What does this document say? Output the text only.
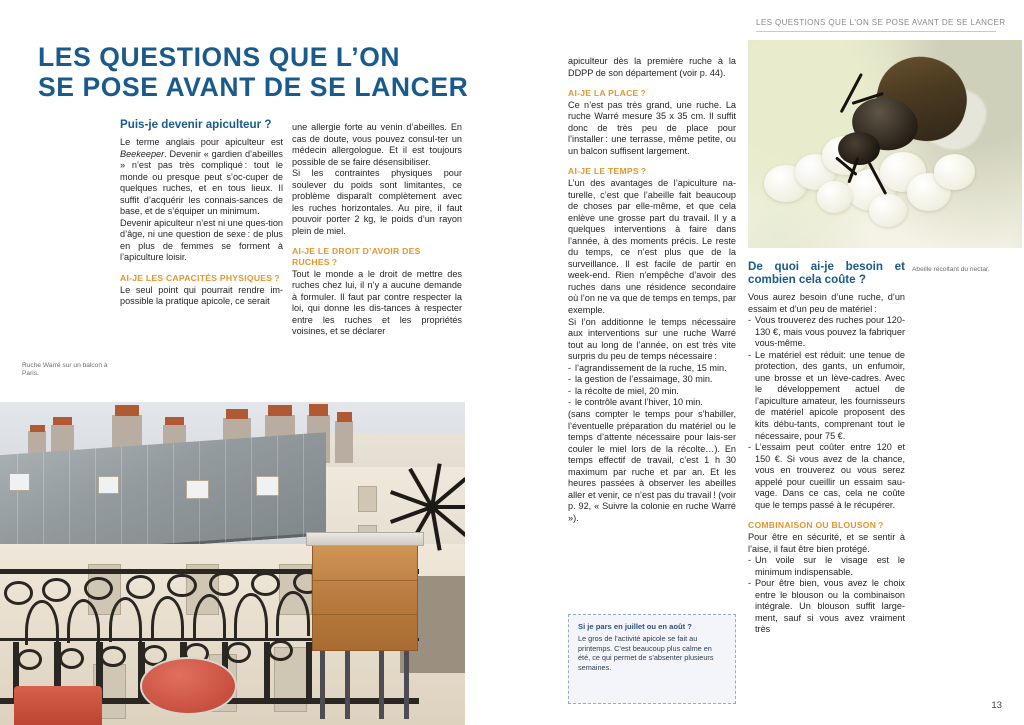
LES QUESTIONS QUE L'ON SE POSE AVANT DE SE LANCER
LES QUESTIONS QUE L’ON
SE POSE AVANT DE SE LANCER
Puis-je devenir apiculteur ?

Le terme anglais pour apiculteur est Beekeeper. Devenir « gardien d’abeilles » n’est pas très compliqué : tout le monde ou presque peut s’oc-cuper de quelques ruches, et en tous lieux. Il suffit d’acquérir les connais-sances de base, et de s’équiper un minimum.

Devenir apiculteur n’est ni une ques-tion d’âge, ni une question de sexe : de plus en plus de femmes se forment à l’apiculture loisir.

AI-JE LES CAPACITÉS PHYSIQUES ?

Le seul point qui pourrait rendre im-possible la pratique apicole, ce serait

une allergie forte au venin d’abeilles. En cas de doute, vous pouvez consul-ter un médecin allergologue. Et il est toujours possible de se faire désensibiliser.

Si les contraintes physiques pour soulever du poids sont limitantes, ce problème disparaît complètement avec les ruches horizontales. Au pire, il faut pouvoir porter 2 kg, le poids d’un rayon plein de miel.

AI-JE LE DROIT D’AVOIR DES RUCHES ?

Tout le monde a le droit de mettre des ruches chez lui, il n’y a aucune demande à formuler. Il faut par contre respecter la loi, qui donne les dis-tances à respecter entre les ruches et les propriétés voisines, et se déclarer

apiculteur dès la première ruche à la DDPP de son département (voir p. 44).

AI-JE LA PLACE ?

Ce n’est pas très grand, une ruche. La ruche Warré mesure 35 x 35 cm. Il suffit donc de très peu de place pour l’installer : une terrasse, même petite, ou un balcon suffisent largement.

AI-JE LE TEMPS ?

L’un des avantages de l’apiculture na-turelle, c’est que l’abeille fait beaucoup de choses par elle-même, et que cela enlève une grosse part du travail. Il y a quelques interventions à faire dans l’année, à des moments précis. Le reste du temps, ce n’est plus que de la surveillance. Il est facile de partir en week-end. Rien n’empêche d’avoir des ruches dans une résidence secondaire où l’on ne va que de temps en temps, par exemple.

Si l’on additionne le temps nécessaire aux interventions sur une ruche Warré tout au long de l’année, on est très vite surpris du peu de temps nécessaire :

- l’agrandissement de la ruche, 15 min.
- la gestion de l’essaimage, 30 min.
- la récolte de miel, 20 min.
- le contrôle avant l’hiver, 10 min.

(sans compter le temps pour s’habiller, l’éventuelle préparation du matériel ou le temps d’attente nécessaire pour lais-ser couler le miel lors de la récolte…). En temps effectif de travail, c’est 1 h 30 maximum par ruche et par an. Et les heures passées à observer les abeilles aller et venir, ce n’est pas du travail ! (voir p. 92, « Suivre la colonie en ruche Warré »).

De quoi ai-je besoin et combien cela coûte ?

Vous aurez besoin d’une ruche, d’un essaim et d’un peu de matériel :

- Vous trouverez des ruches pour 120-130 €, mais vous pouvez la fabriquer vous-même.
- Le matériel est réduit: une tenue de protection, des gants, un enfumoir, une brosse et un lève-cadres. Avec le développement actuel de l’apiculture amateur, les fournisseurs de matériel apicole proposent des kits débu-tants, comprenant tout le nécessaire, pour 75 €.
- L’essaim peut coûter entre 120 et 150 €. Si vous avez de la chance, vous en trouverez ou vous serez appelé pour cueillir un essaim sau-vage. Dans ce cas, cela ne coûte que le temps passé à le récupérer.
COMBINAISON OU BLOUSON ?

Pour être en sécurité, et se sentir à l’aise, il faut être bien protégé.

- Un voile sur le visage est le minimum indispensable.
- Pour être bien, vous avez le choix entre le blouson ou la combinaison intégrale. Un blouson suffit large-ment, sauf si vous avez vraiment très
Si je pars en juillet ou en août ?
Le gros de l’activité apicole se fait au printemps. C’est beaucoup plus calme en été, ce qui permet de s’absenter plusieurs semaines.
Ruche Warré sur un balcon à Paris.
Abeille récoltant du nectar.
13
